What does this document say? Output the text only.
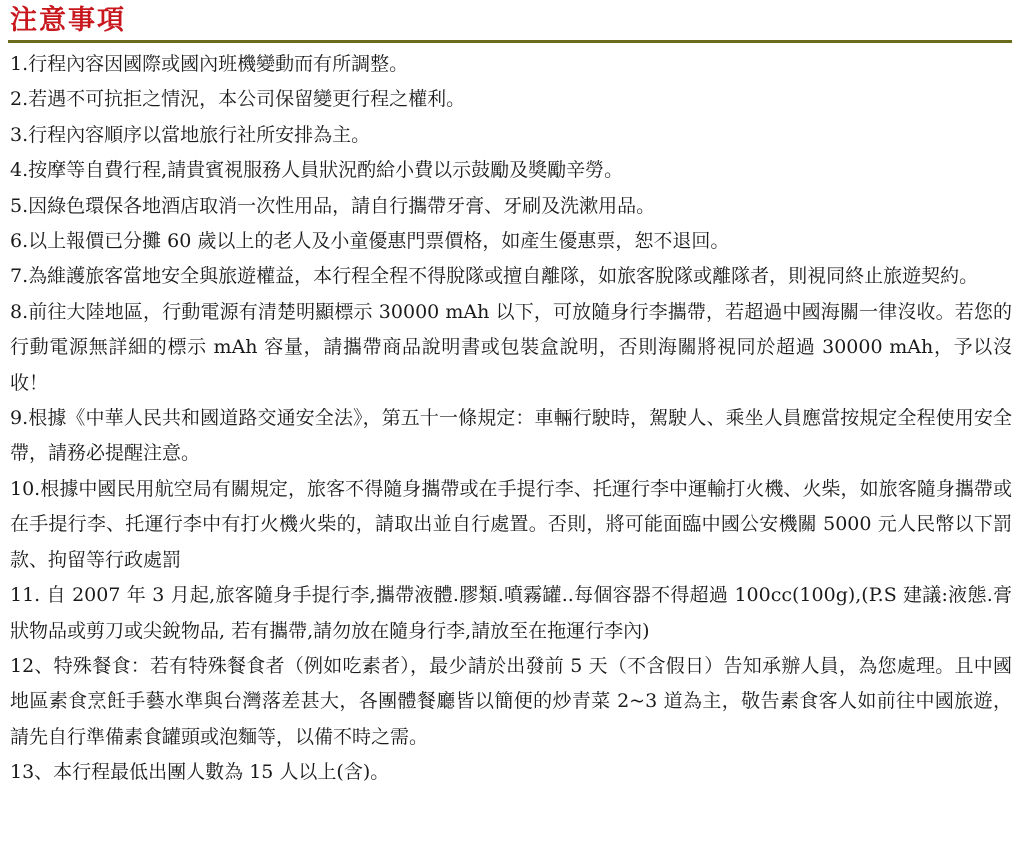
注意事項
1.行程內容因國際或國內班機變動而有所調整。
2.若遇不可抗拒之情況，本公司保留變更行程之權利。
3.行程內容順序以當地旅行社所安排為主。
4.按摩等自費行程,請貴賓視服務人員狀況酌給小費以示鼓勵及獎勵辛勞。
5.因綠色環保各地酒店取消一次性用品，請自行攜帶牙膏、牙刷及洗漱用品。
6.以上報價已分攤 60 歲以上的老人及小童優惠門票價格，如產生優惠票，恕不退回。
7.為維護旅客當地安全與旅遊權益，本行程全程不得脫隊或擅自離隊，如旅客脫隊或離隊者，則視同終止旅遊契約。
8.前往大陸地區，行動電源有清楚明顯標示 30000 mAh 以下，可放隨身行李攜帶，若超過中國海關一律沒收。若您的行動電源無詳細的標示 mAh 容量，請攜帶商品說明書或包裝盒說明，否則海關將視同於超過 30000 mAh，予以沒收！
9.根據《中華人民共和國道路交通安全法》，第五十一條規定：車輛行駛時，駕駛人、乘坐人員應當按規定全程使用安全帶，請務必提醒注意。
10.根據中國民用航空局有關規定，旅客不得隨身攜帶或在手提行李、托運行李中運輸打火機、火柴，如旅客隨身攜帶或在手提行李、托運行李中有打火機火柴的，請取出並自行處置。否則，將可能面臨中國公安機關 5000 元人民幣以下罰款、拘留等行政處罰
11. 自 2007 年 3 月起,旅客隨身手提行李,攜帶液體.膠類.噴霧罐..每個容器不得超過 100cc(100g),(P.S 建議:液態.膏狀物品或剪刀或尖銳物品, 若有攜帶,請勿放在隨身行李,請放至在拖運行李內)
12、特殊餐食：若有特殊餐食者（例如吃素者），最少請於出發前 5 天（不含假日）告知承辦人員，為您處理。且中國地區素食烹飪手藝水準與台灣落差甚大，各團體餐廳皆以簡便的炒青菜 2~3 道為主，敬告素食客人如前往中國旅遊，請先自行準備素食罐頭或泡麵等，以備不時之需。
13、本行程最低出團人數為 15 人以上(含)。
